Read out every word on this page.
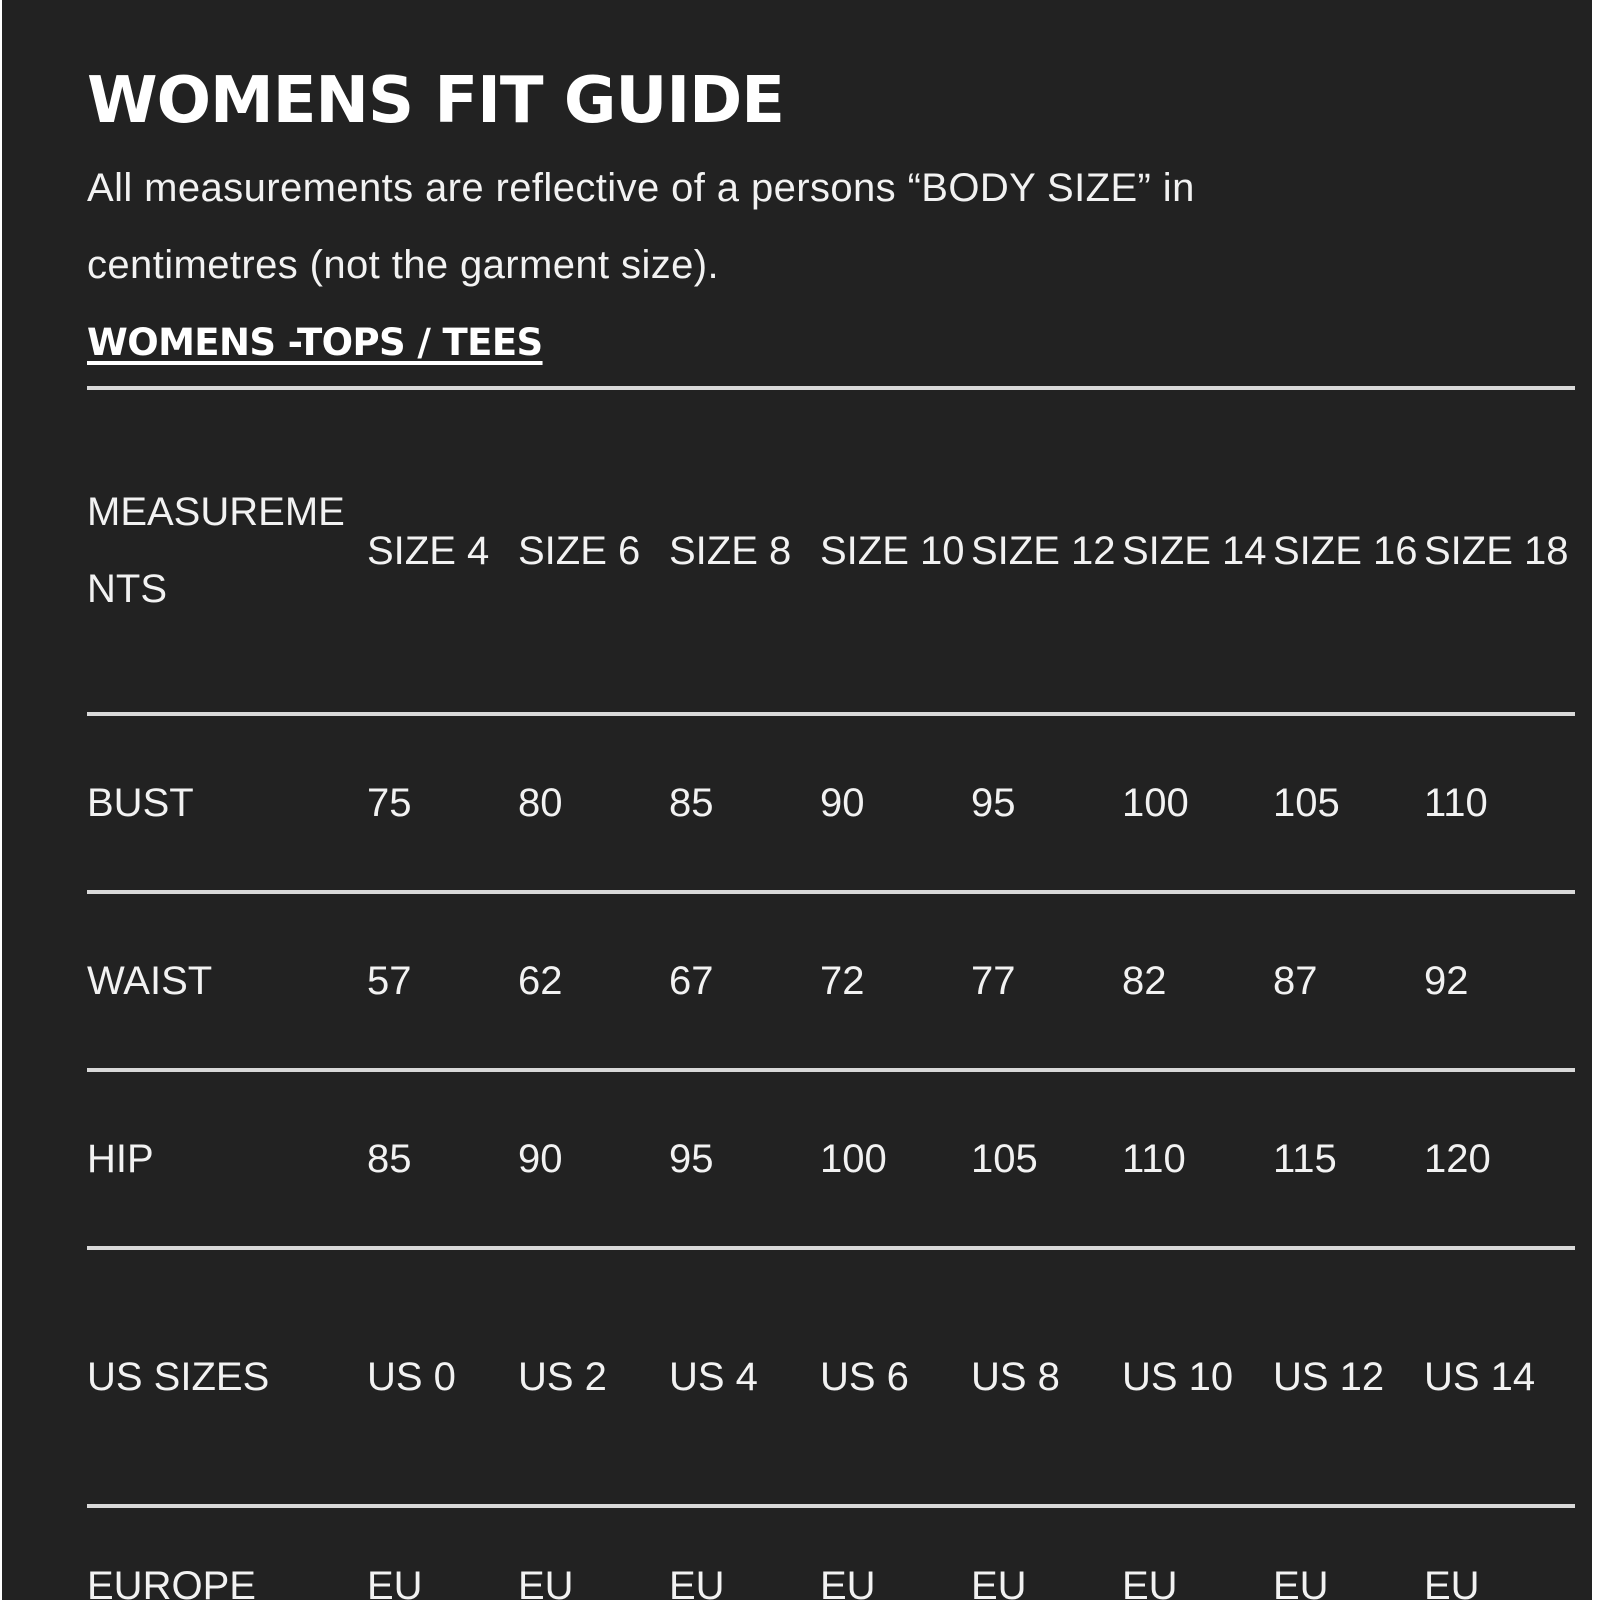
WOMENS FIT GUIDE

All measurements are reflective of a persons “BODY SIZE” in centimetres (not the garment size).

WOMENS -TOPS / TEES
MEASUREMENTS	SIZE 4	SIZE 6	SIZE 8	SIZE 10	SIZE 12	SIZE 14	SIZE 16	SIZE 18

BUST	75	80	85	90	95	100	105	110
WAIST	57	62	67	72	77	82	87	92
HIP	85	90	95	100	105	110	115	120
US SIZES	US 0	US 2	US 4	US 6	US 8	US 10	US 12	US 14
EUROPE	EU	EU	EU	EU	EU	EU	EU	EU
